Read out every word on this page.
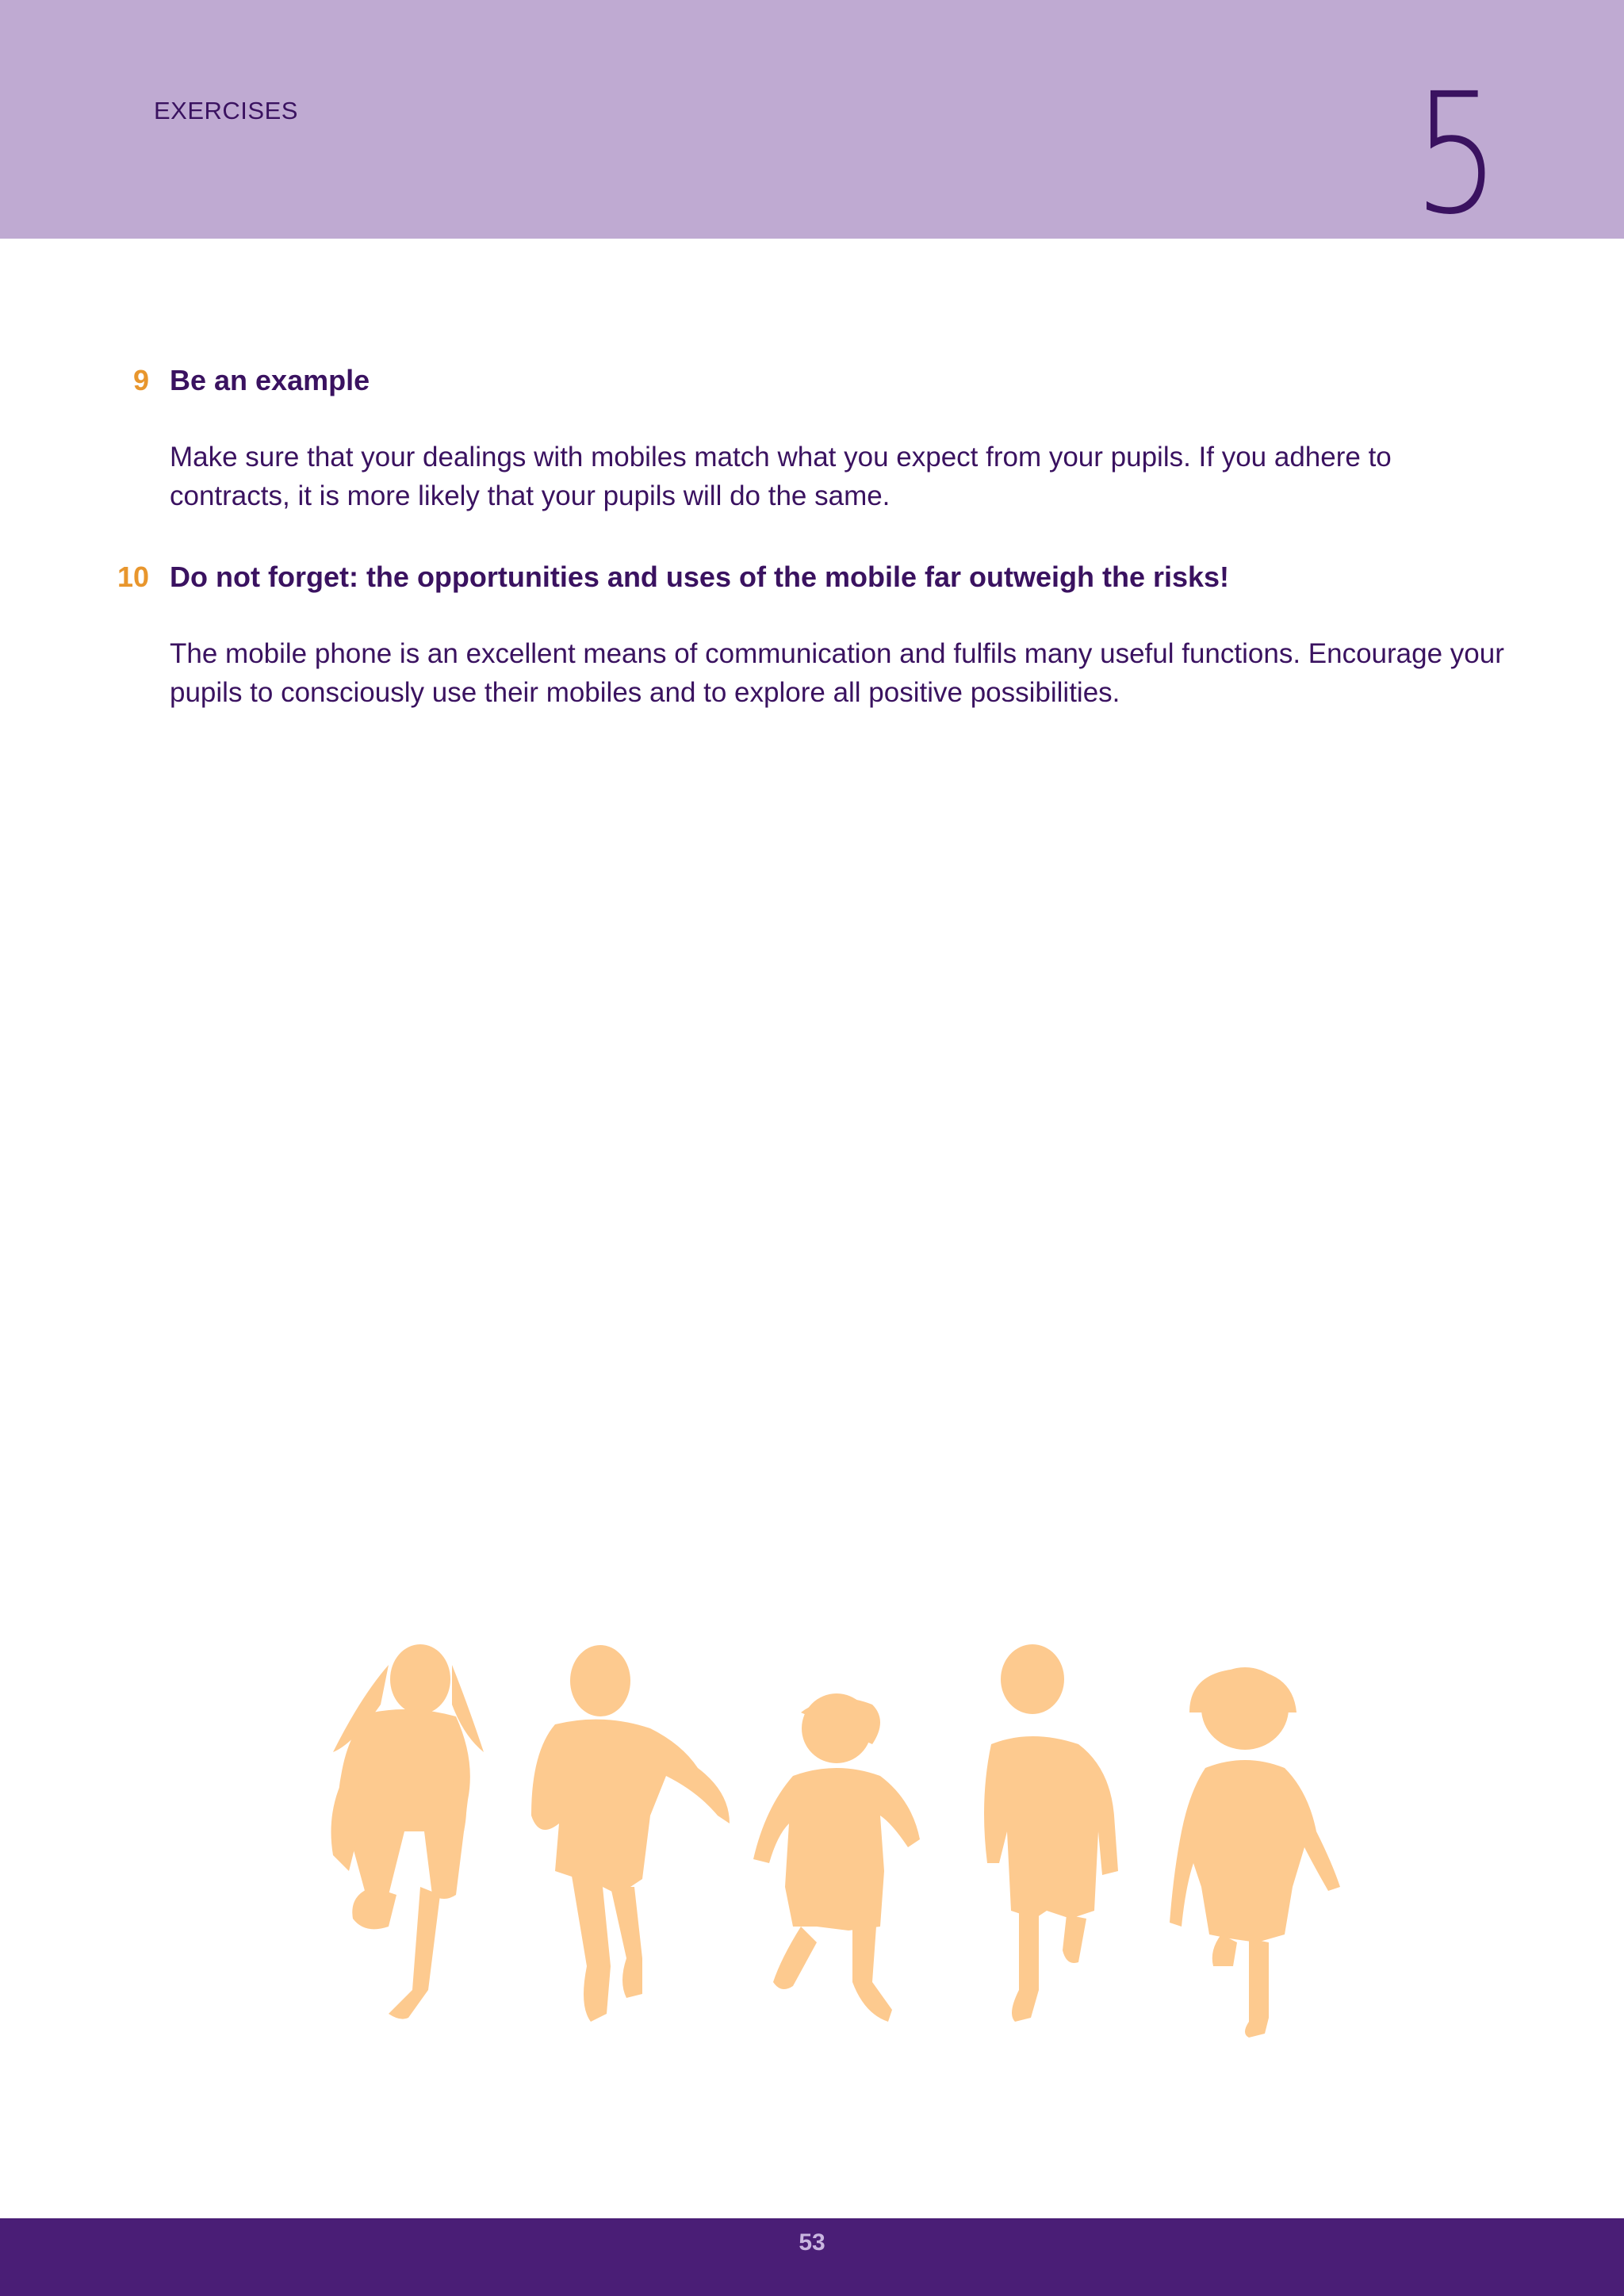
EXERCISES	5
9 Be an example

Make sure that your dealings with mobiles match what you expect from your pupils. If you adhere to contracts, it is more likely that your pupils will do the same.

10 Do not forget: the opportunities and uses of the mobile far outweigh the risks!

The mobile phone is an excellent means of communication and fulfils many useful functions. Encourage your pupils to consciously use their mobiles and to explore all positive possibilities.

53
